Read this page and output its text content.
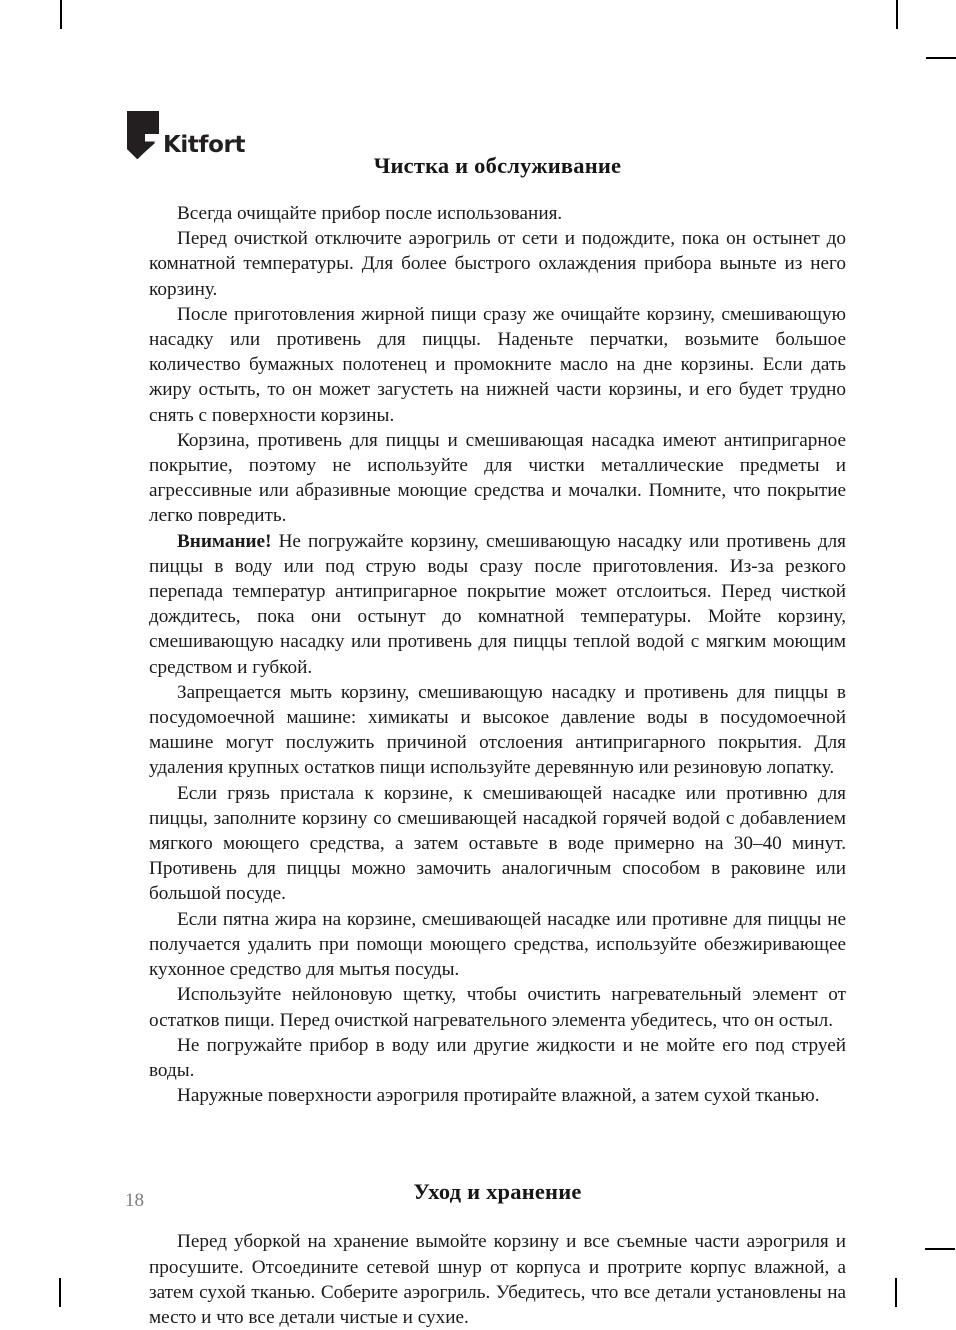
Kitfort
Чистка и обслуживание

Всегда очищайте прибор после использования.

Перед очисткой отключите аэрогриль от сети и подождите, пока он остынет до комнатной температуры. Для более быстрого охлаждения прибора выньте из него корзину.

После приготовления жирной пищи сразу же очищайте корзину, смешивающую насадку или противень для пиццы. Наденьте перчатки, возьмите большое количество бумажных полотенец и промокните масло на дне корзины. Если дать жиру остыть, то он может загустеть на нижней части корзины, и его будет трудно снять с поверхности корзины.

Корзина, противень для пиццы и смешивающая насадка имеют антипригарное покрытие, поэтому не используйте для чистки металлические предметы и агрессивные или абразивные моющие средства и мочалки. Помните, что покрытие легко повредить.

Внимание! Не погружайте корзину, смешивающую насадку или противень для пиццы в воду или под струю воды сразу после приготовления. Из-за резкого перепада температур антипригарное покрытие может отслоиться. Перед чисткой дождитесь, пока они остынут до комнатной температуры. Мойте корзину, смешивающую насадку или противень для пиццы теплой водой с мягким моющим средством и губкой.

Запрещается мыть корзину, смешивающую насадку и противень для пиццы в посудомоечной машине: химикаты и высокое давление воды в посудомоечной машине могут послужить причиной отслоения антипригарного покрытия. Для удаления крупных остатков пищи используйте деревянную или резиновую лопатку.

Если грязь пристала к корзине, к смешивающей насадке или противню для пиццы, заполните корзину со смешивающей насадкой горячей водой с добавлением мягкого моющего средства, а затем оставьте в воде примерно на 30–40 минут. Противень для пиццы можно замочить аналогичным способом в раковине или большой посуде.

Если пятна жира на корзине, смешивающей насадке или противне для пиццы не получается удалить при помощи моющего средства, используйте обезжиривающее кухонное средство для мытья посуды.

Используйте нейлоновую щетку, чтобы очистить нагревательный элемент от остатков пищи. Перед очисткой нагревательного элемента убедитесь, что он остыл.

Не погружайте прибор в воду или другие жидкости и не мойте его под струей воды.

Наружные поверхности аэрогриля протирайте влажной, а затем сухой тканью.

Уход и хранение

Перед уборкой на хранение вымойте корзину и все съемные части аэрогриля и просушите. Отсоедините сетевой шнур от корпуса и протрите корпус влажной, а затем сухой тканью. Соберите аэрогриль. Убедитесь, что все детали установлены на место и что все детали чистые и сухие.

18
